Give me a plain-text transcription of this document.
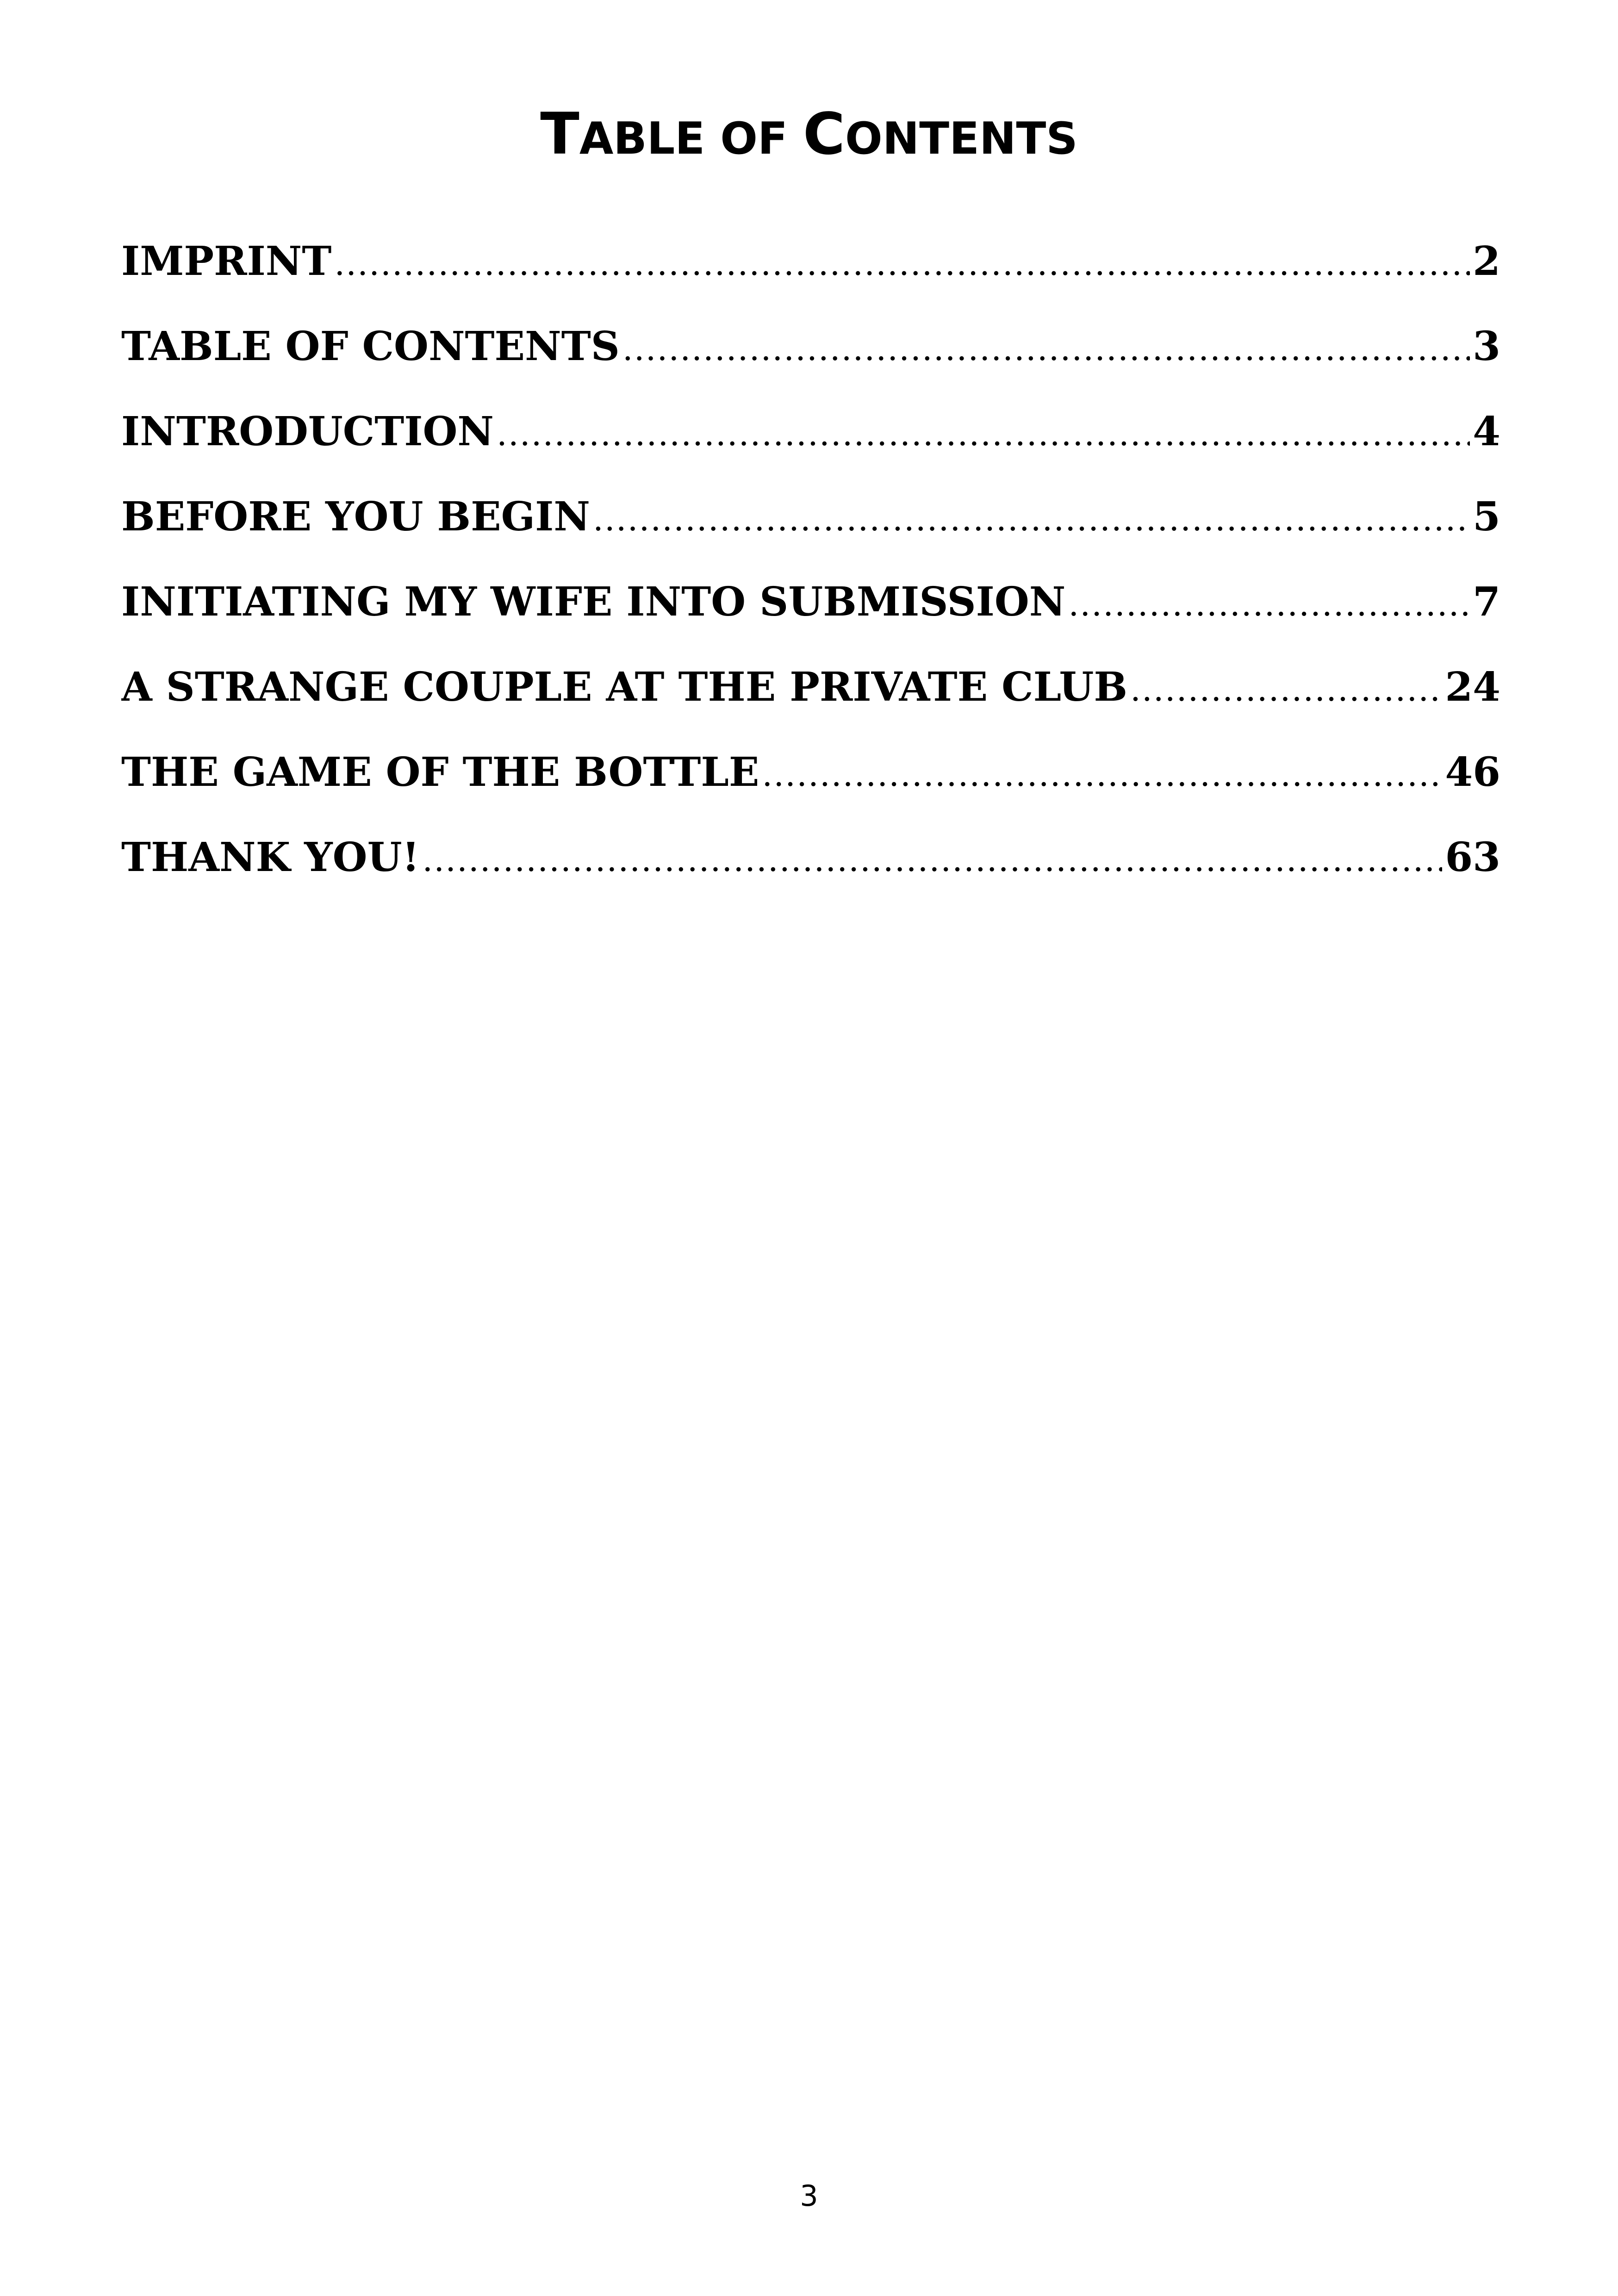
TABLE OF CONTENTS
IMPRINT .....	2
TABLE OF CONTENTS .....	3
INTRODUCTION .....	4
BEFORE YOU BEGIN .....	5
INITIATING MY WIFE INTO SUBMISSION .....	7
A STRANGE COUPLE AT THE PRIVATE CLUB .....	24
THE GAME OF THE BOTTLE .....	46
THANK YOU! .....	63
3
